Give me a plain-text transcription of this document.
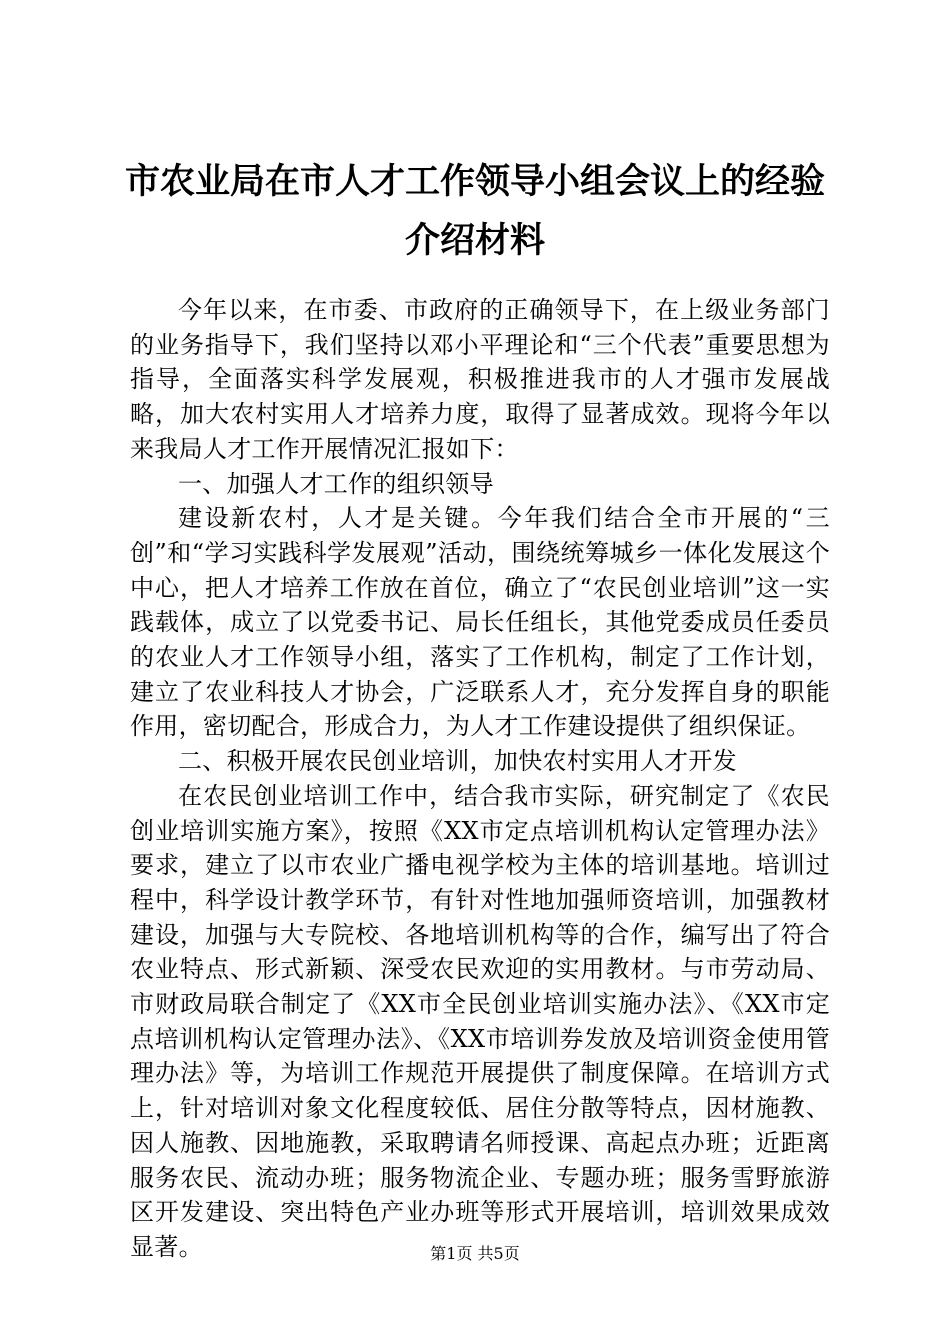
市农业局在市人才工作领导小组会议上的经验
介绍材料

今年以来，在市委、市政府的正确领导下，在上级业务部门的业务指导下，我们坚持以邓小平理论和“三个代表”重要思想为指导，全面落实科学发展观，积极推进我市的人才强市发展战略，加大农村实用人才培养力度，取得了显著成效。现将今年以来我局人才工作开展情况汇报如下：

一、加强人才工作的组织领导

建设新农村，人才是关键。今年我们结合全市开展的“三创”和“学习实践科学发展观”活动，围绕统筹城乡一体化发展这个中心，把人才培养工作放在首位，确立了“农民创业培训”这一实践载体，成立了以党委书记、局长任组长，其他党委成员任委员的农业人才工作领导小组，落实了工作机构，制定了工作计划，建立了农业科技人才协会，广泛联系人才，充分发挥自身的职能作用，密切配合，形成合力，为人才工作建设提供了组织保证。

二、积极开展农民创业培训，加快农村实用人才开发

在农民创业培训工作中，结合我市实际，研究制定了《农民创业培训实施方案》，按照《XX市定点培训机构认定管理办法》要求，建立了以市农业广播电视学校为主体的培训基地。培训过程中，科学设计教学环节，有针对性地加强师资培训，加强教材建设，加强与大专院校、各地培训机构等的合作，编写出了符合农业特点、形式新颖、深受农民欢迎的实用教材。与市劳动局、市财政局联合制定了《XX市全民创业培训实施办法》、《XX市定点培训机构认定管理办法》、《XX市培训券发放及培训资金使用管理办法》等，为培训工作规范开展提供了制度保障。在培训方式上，针对培训对象文化程度较低、居住分散等特点，因材施教、因人施教、因地施教，采取聘请名师授课、高起点办班；近距离服务农民、流动办班；服务物流企业、专题办班；服务雪野旅游区开发建设、突出特色产业办班等形式开展培训，培训效果成效显著。	第1页 共5页
